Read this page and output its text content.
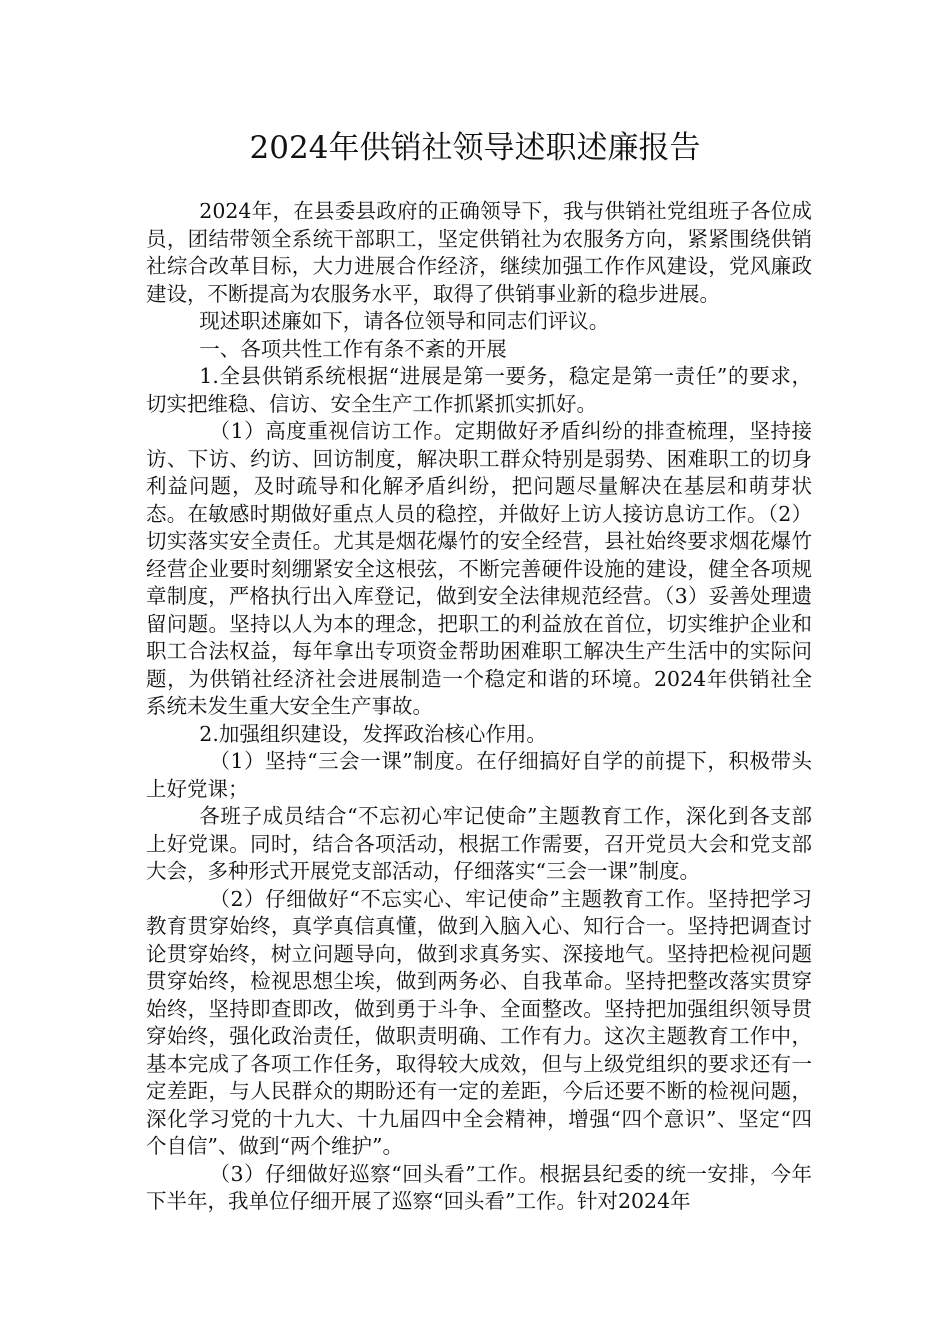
2024年供销社领导述职述廉报告

2024年，在县委县政府的正确领导下，我与供销社党组班子各位成员，团结带领全系统干部职工，坚定供销社为农服务方向，紧紧围绕供销社综合改革目标，大力进展合作经济，继续加强工作作风建设，党风廉政建设，不断提高为农服务水平，取得了供销事业新的稳步进展。

现述职述廉如下，请各位领导和同志们评议。

一、各项共性工作有条不紊的开展

1.全县供销系统根据“进展是第一要务，稳定是第一责任”的要求，切实把维稳、信访、安全生产工作抓紧抓实抓好。

（1）高度重视信访工作。定期做好矛盾纠纷的排查梳理，坚持接访、下访、约访、回访制度，解决职工群众特别是弱势、困难职工的切身利益问题，及时疏导和化解矛盾纠纷，把问题尽量解决在基层和萌芽状态。在敏感时期做好重点人员的稳控，并做好上访人接访息访工作。（2）切实落实安全责任。尤其是烟花爆竹的安全经营，县社始终要求烟花爆竹经营企业要时刻绷紧安全这根弦，不断完善硬件设施的建设，健全各项规章制度，严格执行出入库登记，做到安全法律规范经营。（3）妥善处理遗留问题。坚持以人为本的理念，把职工的利益放在首位，切实维护企业和职工合法权益，每年拿出专项资金帮助困难职工解决生产生活中的实际问题，为供销社经济社会进展制造一个稳定和谐的环境。2024年供销社全系统未发生重大安全生产事故。

2.加强组织建设，发挥政治核心作用。

（1）坚持“三会一课”制度。在仔细搞好自学的前提下，积极带头上好党课；

各班子成员结合“不忘初心牢记使命”主题教育工作，深化到各支部上好党课。同时，结合各项活动，根据工作需要，召开党员大会和党支部大会，多种形式开展党支部活动，仔细落实“三会一课”制度。

（2）仔细做好“不忘实心、牢记使命”主题教育工作。坚持把学习教育贯穿始终，真学真信真懂，做到入脑入心、知行合一。坚持把调查讨论贯穿始终，树立问题导向，做到求真务实、深接地气。坚持把检视问题贯穿始终，检视思想尘埃，做到两务必、自我革命。坚持把整改落实贯穿始终，坚持即查即改，做到勇于斗争、全面整改。坚持把加强组织领导贯穿始终，强化政治责任，做职责明确、工作有力。这次主题教育工作中，基本完成了各项工作任务，取得较大成效，但与上级党组织的要求还有一定差距，与人民群众的期盼还有一定的差距，今后还要不断的检视问题，深化学习党的十九大、十九届四中全会精神，增强“四个意识”、坚定“四个自信”、做到“两个维护”。

（3）仔细做好巡察“回头看”工作。根据县纪委的统一安排，今年下半年，我单位仔细开展了巡察“回头看”工作。针对2024年
